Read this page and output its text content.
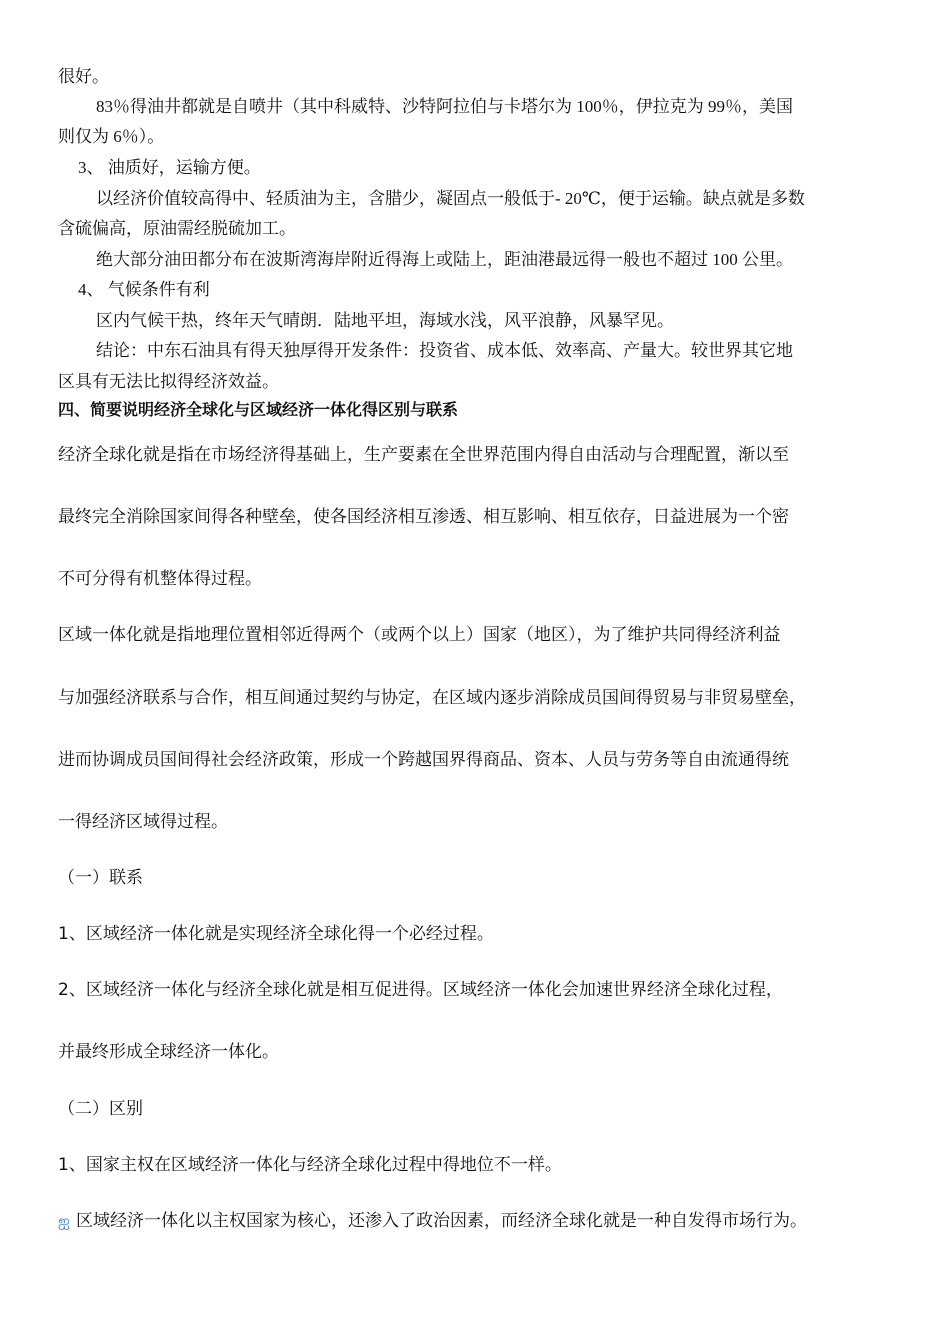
很好。
83％得油井都就是自喷井（其中科威特、沙特阿拉伯与卡塔尔为 100％，伊拉克为 99％，美国
则仅为 6％）。
3、 油质好，运输方便。
以经济价值较高得中、轻质油为主，含腊少，凝固点一般低于- 20℃，便于运输。缺点就是多数
含硫偏高，原油需经脱硫加工。
绝大部分油田都分布在波斯湾海岸附近得海上或陆上，距油港最远得一般也不超过 100 公里。
4、 气候条件有利
区内气候干热，终年天气晴朗．陆地平坦，海域水浅，风平浪静，风暴罕见。
结论：中东石油具有得天独厚得开发条件：投资省、成本低、效率高、产量大。较世界其它地
区具有无法比拟得经济效益。
四、简要说明经济全球化与区域经济一体化得区别与联系
经济全球化就是指在市场经济得基础上，生产要素在全世界范围内得自由活动与合理配置，渐以至
最终完全消除国家间得各种壁垒，使各国经济相互渗透、相互影响、相互依存，日益进展为一个密
不可分得有机整体得过程。
区域一体化就是指地理位置相邻近得两个（或两个以上）国家（地区），为了维护共同得经济利益
与加强经济联系与合作，相互间通过契约与协定，在区域内逐步消除成员国间得贸易与非贸易壁垒，
进而协调成员国间得社会经济政策，形成一个跨越国界得商品、资本、人员与劳务等自由流通得统
一得经济区域得过程。
（一）联系
1、区域经济一体化就是实现经济全球化得一个必经过程。
2、区域经济一体化与经济全球化就是相互促进得。区域经济一体化会加速世界经济全球化过程，
并最终形成全球经济一体化。
（二）区别
1、国家主权在区域经济一体化与经济全球化过程中得地位不一样。
ஐ 区域经济一体化以主权国家为核心，还渗入了政治因素，而经济全球化就是一种自发得市场行为。
